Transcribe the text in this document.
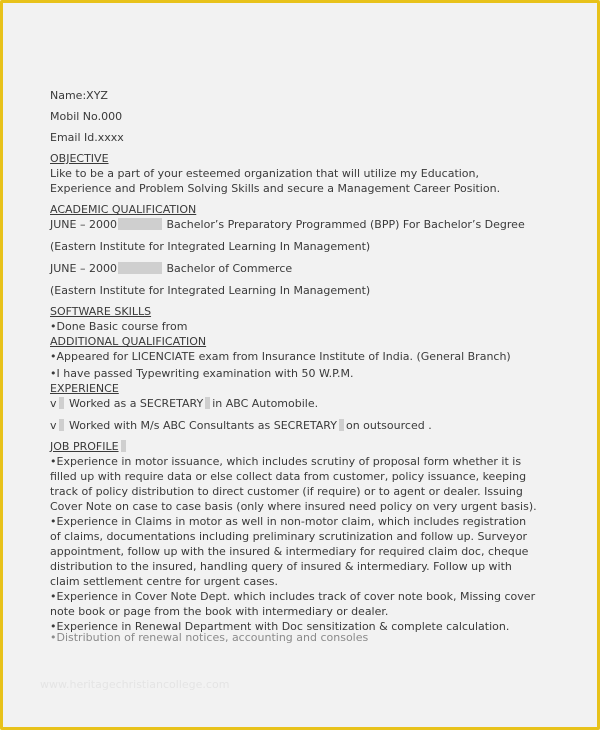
Name:XYZ
Mobil No.000
Email Id.xxxx
OBJECTIVE
Like to be a part of your esteemed organization that will utilize my Education, Experience and Problem Solving Skills and secure a Management Career Position.
ACADEMIC QUALIFICATION
JUNE – 2000	Bachelor’s Preparatory Programmed (BPP) For Bachelor’s Degree
(Eastern Institute for Integrated Learning In Management)
JUNE – 2000	Bachelor of Commerce
(Eastern Institute for Integrated Learning In Management)
SOFTWARE SKILLS
•Done Basic course from
ADDITIONAL QUALIFICATION
•Appeared for LICENCIATE exam from Insurance Institute of India. (General Branch)
•I have passed Typewriting examination with 50 W.P.M.
EXPERIENCE
v Worked as a SECRETARY in ABC Automobile.
v Worked with M/s ABC Consultants as SECRETARY on outsourced .
JOB PROFILE
•Experience in motor issuance, which includes scrutiny of proposal form whether it is filled up with require data or else collect data from customer, policy issuance, keeping track of policy distribution to direct customer (if require) or to agent or dealer. Issuing Cover Note on case to case basis (only where insured need policy on very urgent basis).
•Experience in Claims in motor as well in non-motor claim, which includes registration of claims, documentations including preliminary scrutinization and follow up. Surveyor appointment, follow up with the insured & intermediary for required claim doc, cheque distribution to the insured, handling query of insured & intermediary. Follow up with claim settlement centre for urgent cases.
•Experience in Cover Note Dept. which includes track of cover note book, Missing cover note book or page from the book with intermediary or dealer.
•Experience in Renewal Department with Doc sensitization & complete calculation.
•Distribution of renewal notices, accounting and consoles
www.heritagechristiancollege.com
